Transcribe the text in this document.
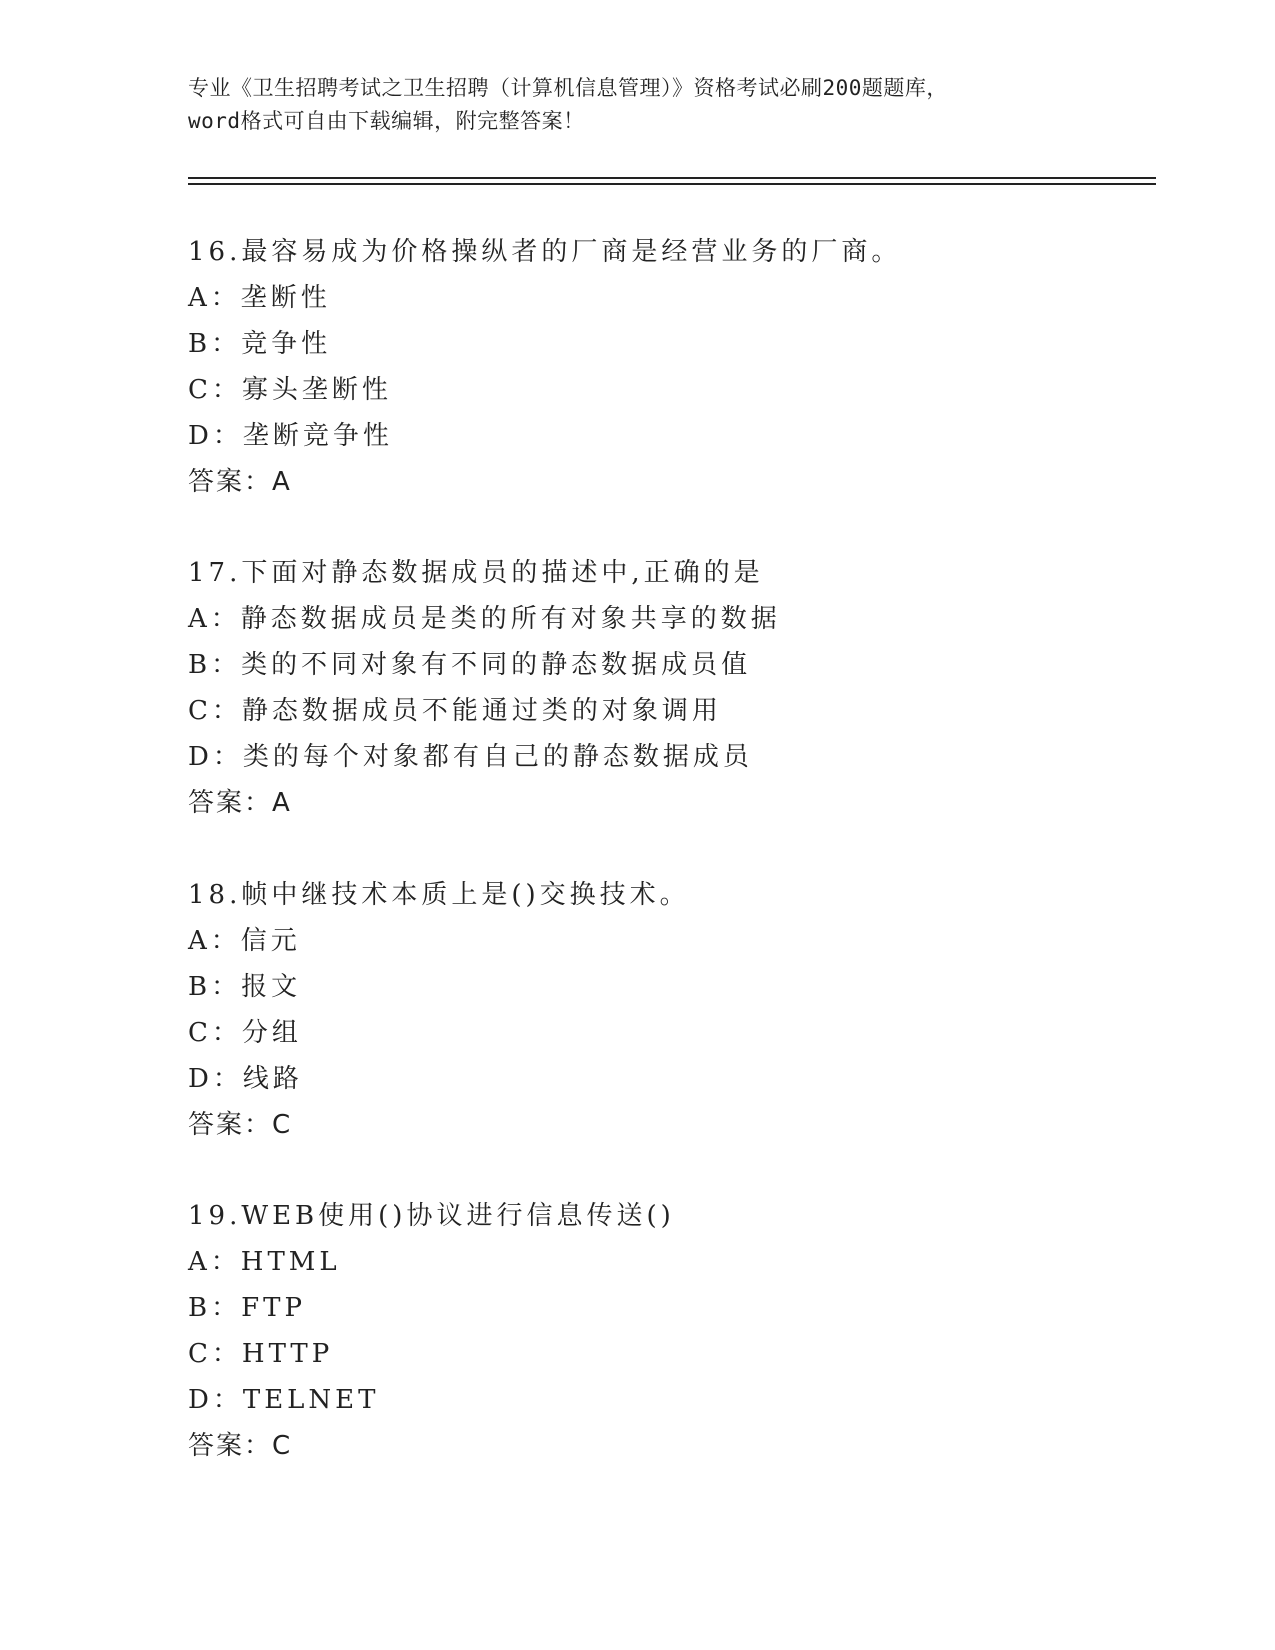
专业《卫生招聘考试之卫生招聘（计算机信息管理）》资格考试必刷200题题库，
word格式可自由下载编辑，附完整答案！
16.最容易成为价格操纵者的厂商是经营业务的厂商。
A：垄断性
B：竞争性
C：寡头垄断性
D：垄断竞争性
答案：A
17.下面对静态数据成员的描述中,正确的是
A：静态数据成员是类的所有对象共享的数据
B：类的不同对象有不同的静态数据成员值
C：静态数据成员不能通过类的对象调用
D：类的每个对象都有自己的静态数据成员
答案：A
18.帧中继技术本质上是()交换技术。
A：信元
B：报文
C：分组
D：线路
答案：C
19.WEB使用()协议进行信息传送()
A：HTML
B：FTP
C：HTTP
D：TELNET
答案：C
